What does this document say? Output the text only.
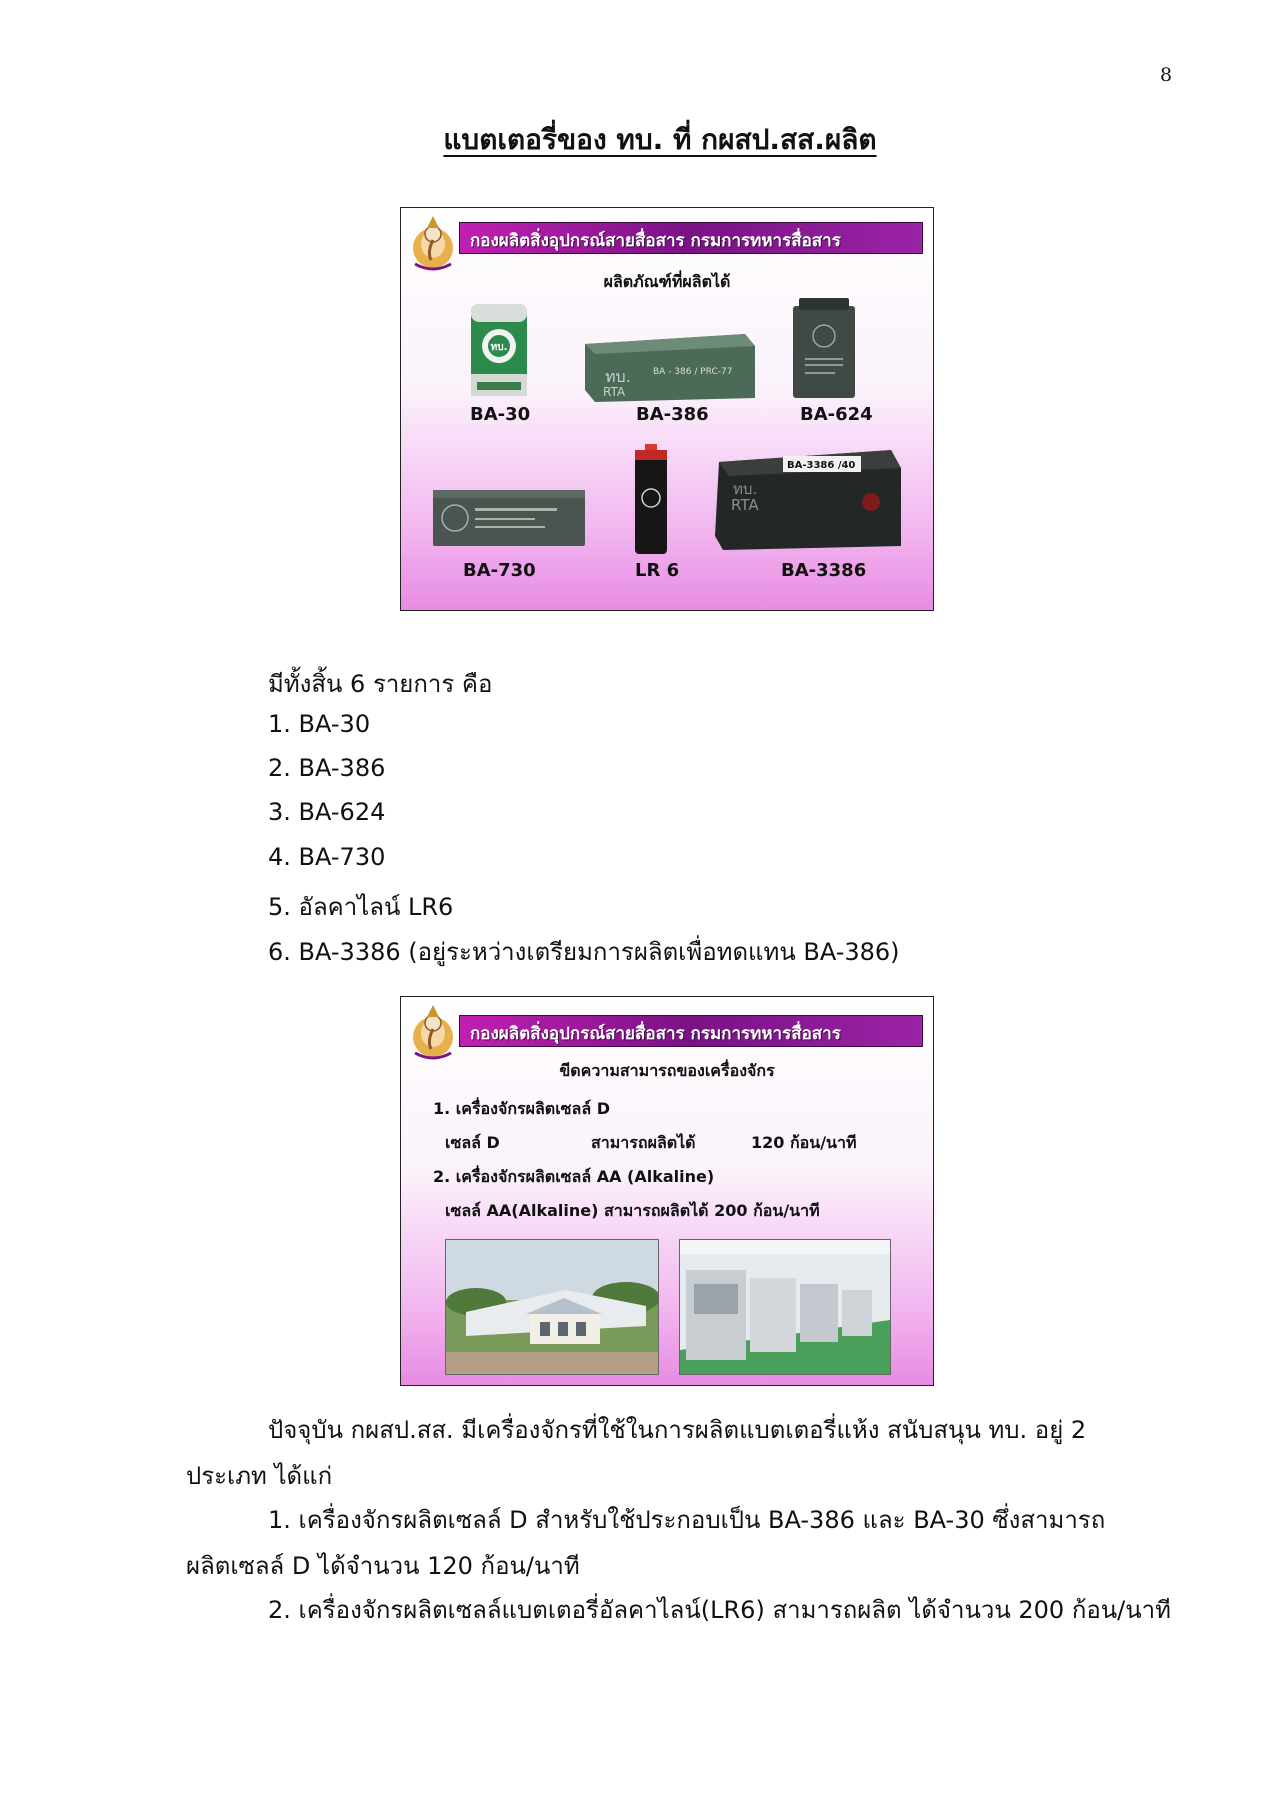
8
แบตเตอรี่ของ ทบ. ที่ กผสป.สส.ผลิต
กองผลิตสิ่งอุปกรณ์สายสื่อสาร กรมการทหารสื่อสาร
ผลิตภัณฑ์ที่ผลิตได้
ทบ.
ทบ.
RTA
BA - 386 / PRC-77
BA-30	BA-386	BA-624
BA-3386 /40
ทบ.
RTA
BA-730	LR 6	BA-3386
มีทั้งสิ้น 6 รายการ คือ
1. BA-30
2. BA-386
3. BA-624
4. BA-730
5. อัลคาไลน์ LR6
6. BA-3386 (อยู่ระหว่างเตรียมการผลิตเพื่อทดแทน BA-386)
กองผลิตสิ่งอุปกรณ์สายสื่อสาร กรมการทหารสื่อสาร
ขีดความสามารถของเครื่องจักร
1. เครื่องจักรผลิตเซลล์ D
เซลล์ D	สามารถผลิตได้	120 ก้อน/นาที
2. เครื่องจักรผลิตเซลล์ AA (Alkaline)
เซลล์ AA(Alkaline) สามารถผลิตได้ 200 ก้อน/นาที
ปัจจุบัน กผสป.สส. มีเครื่องจักรที่ใช้ในการผลิตแบตเตอรี่แห้ง สนับสนุน ทบ. อยู่ 2
ประเภท ได้แก่
1. เครื่องจักรผลิตเซลล์ D สำหรับใช้ประกอบเป็น BA-386 และ BA-30 ซึ่งสามารถ
ผลิตเซลล์ D ได้จำนวน 120 ก้อน/นาที
2. เครื่องจักรผลิตเซลล์แบตเตอรี่อัลคาไลน์(LR6) สามารถผลิต ได้จำนวน 200 ก้อน/นาที
